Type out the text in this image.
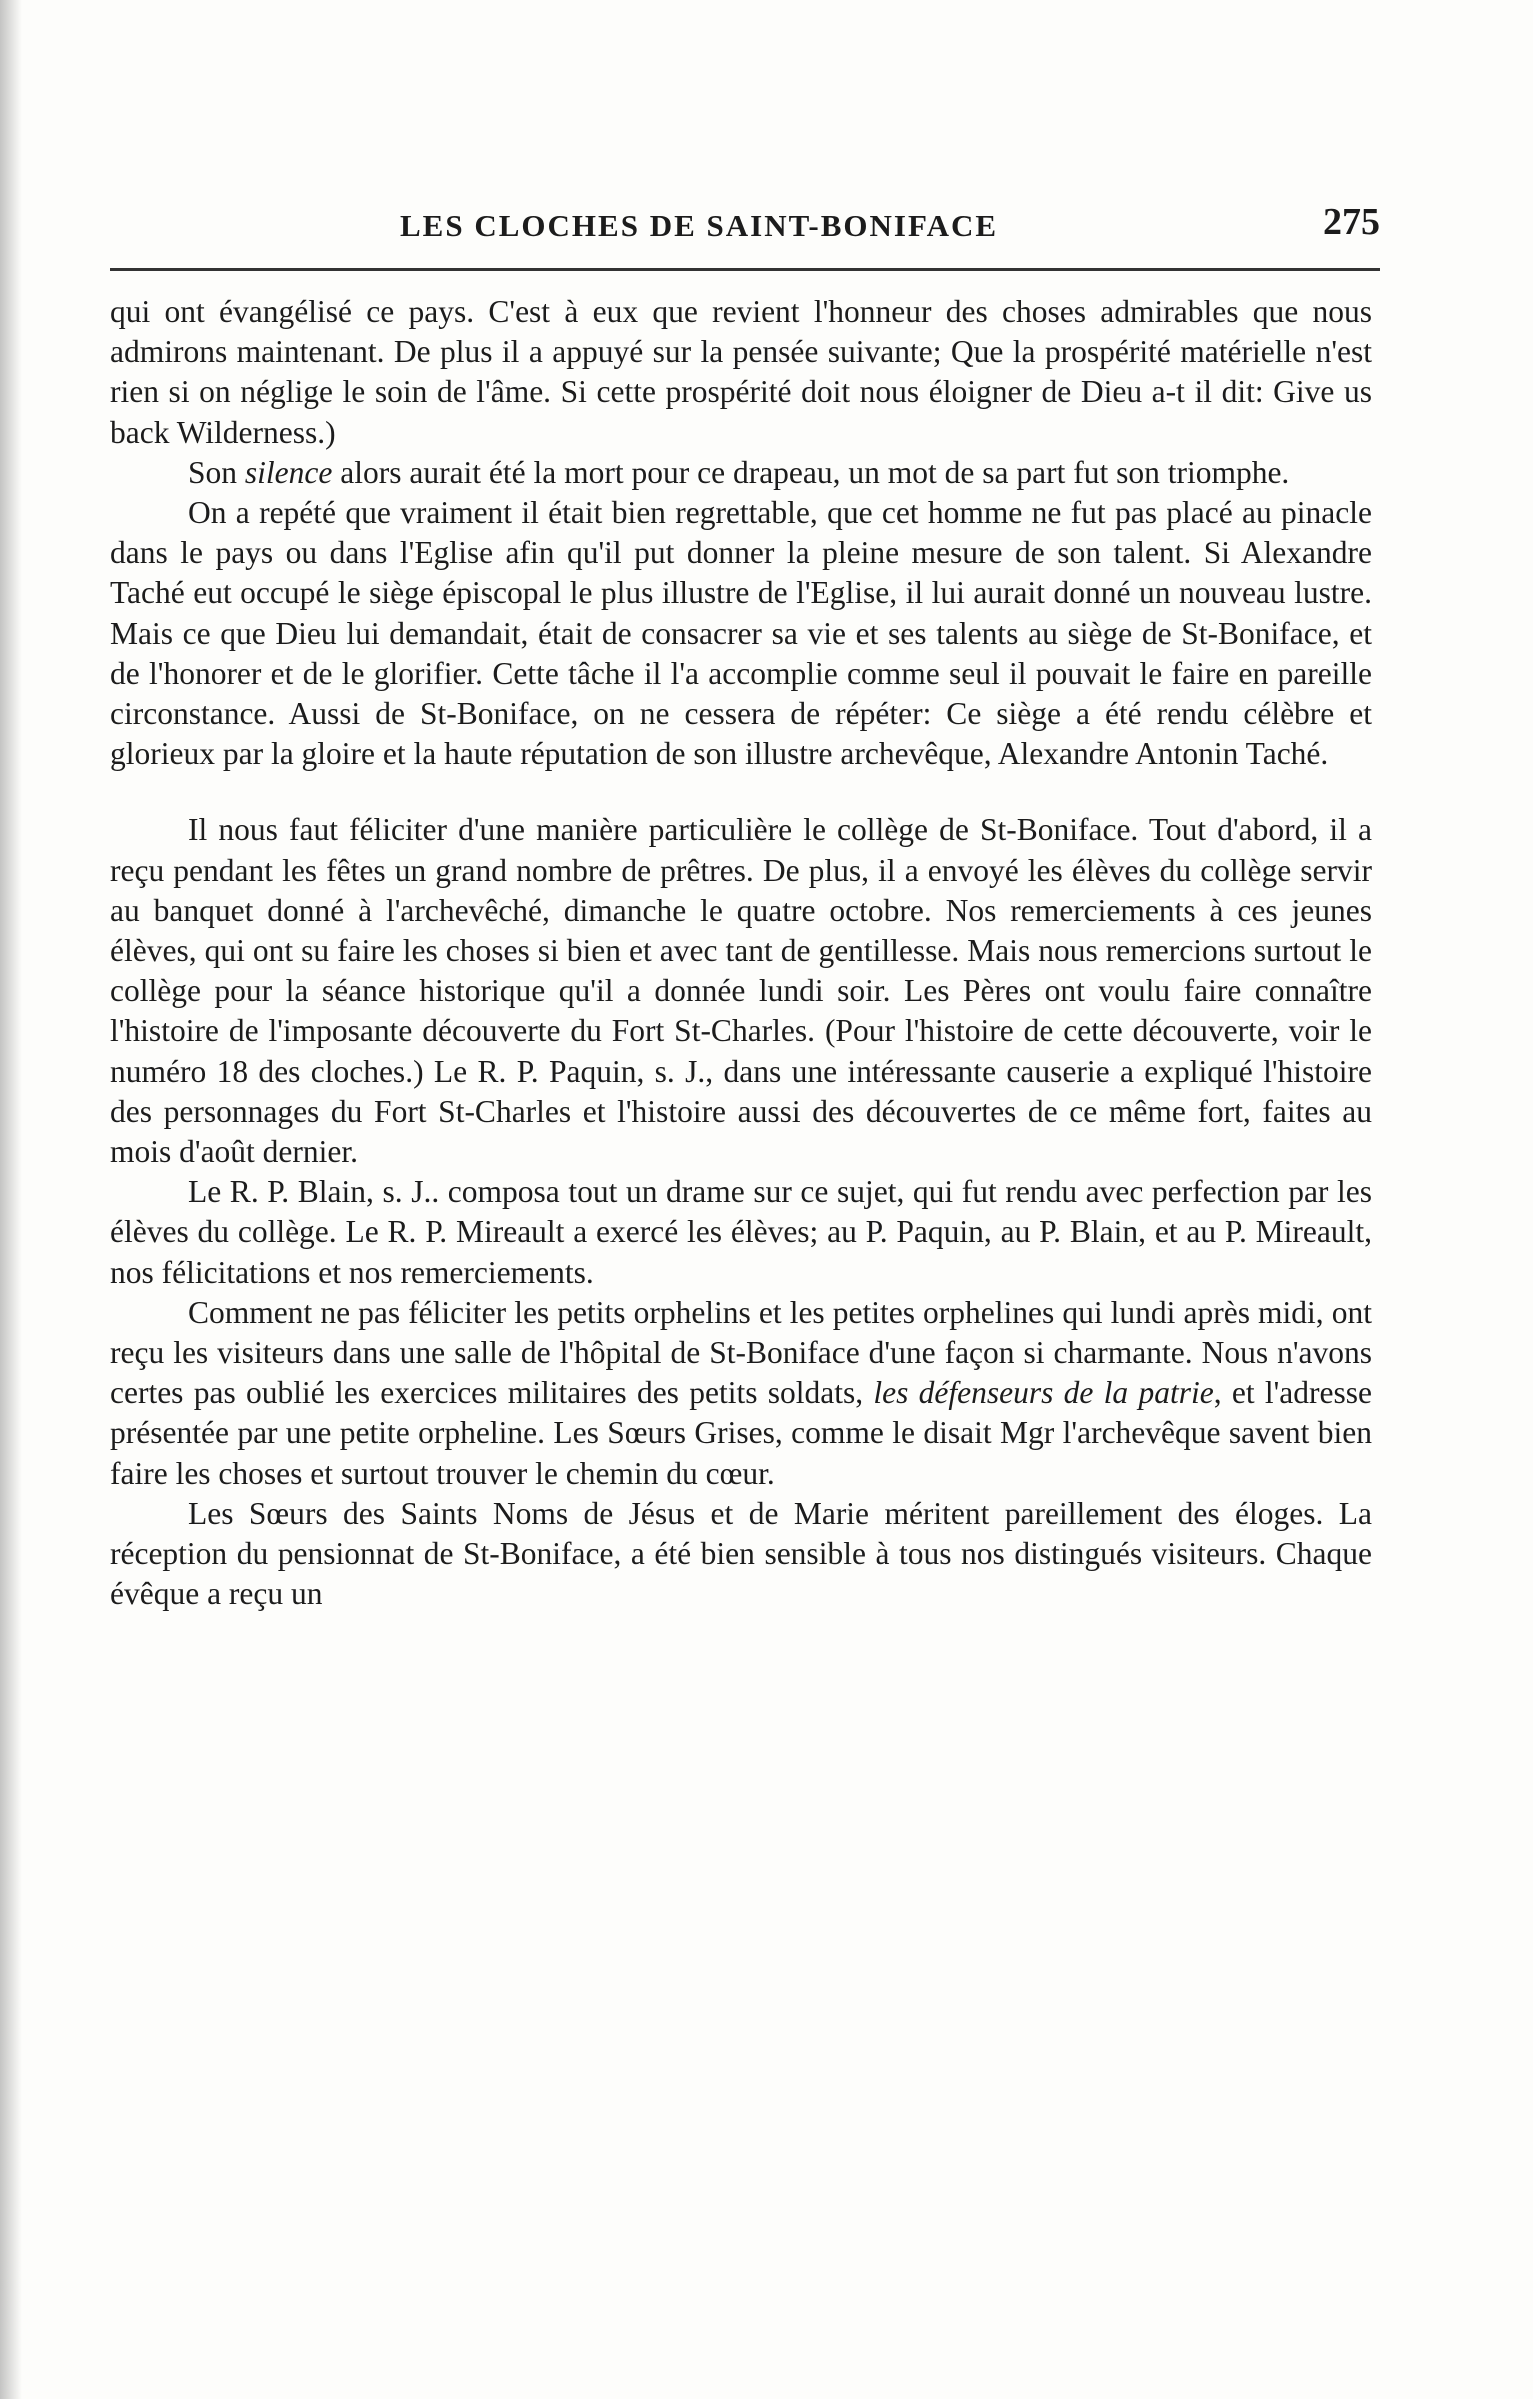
LES CLOCHES DE SAINT-BONIFACE	275

qui ont évangélisé ce pays. C'est à eux que revient l'honneur des choses admirables que nous admirons maintenant. De plus il a appuyé sur la pensée suivante; Que la prospérité matérielle n'est rien si on néglige le soin de l'âme. Si cette prospérité doit nous éloigner de Dieu a-t il dit: Give us back Wilderness.)

Son silence alors aurait été la mort pour ce drapeau, un mot de sa part fut son triomphe.

On a repété que vraiment il était bien regrettable, que cet homme ne fut pas placé au pinacle dans le pays ou dans l'Eglise afin qu'il put donner la pleine mesure de son talent. Si Alexandre Taché eut occupé le siège épiscopal le plus illustre de l'Eglise, il lui aurait donné un nouveau lustre. Mais ce que Dieu lui demandait, était de consacrer sa vie et ses talents au siège de St-Boniface, et de l'honorer et de le glorifier. Cette tâche il l'a accomplie comme seul il pouvait le faire en pareille circonstance. Aussi de St-Boniface, on ne cessera de répéter: Ce siège a été rendu célèbre et glorieux par la gloire et la haute réputation de son illustre archevêque, Alexandre Antonin Taché.

Il nous faut féliciter d'une manière particulière le collège de St-Boniface. Tout d'abord, il a reçu pendant les fêtes un grand nombre de prêtres. De plus, il a envoyé les élèves du collège servir au banquet donné à l'archevêché, dimanche le quatre octobre. Nos remerciements à ces jeunes élèves, qui ont su faire les choses si bien et avec tant de gentillesse. Mais nous remercions surtout le collège pour la séance historique qu'il a donnée lundi soir. Les Pères ont voulu faire connaître l'histoire de l'imposante découverte du Fort St-Charles. (Pour l'histoire de cette découverte, voir le numéro 18 des cloches.) Le R. P. Paquin, s. J., dans une intéressante causerie a expliqué l'histoire des personnages du Fort St-Charles et l'histoire aussi des découvertes de ce même fort, faites au mois d'août dernier.

Le R. P. Blain, s. J.. composa tout un drame sur ce sujet, qui fut rendu avec perfection par les élèves du collège. Le R. P. Mireault a exercé les élèves; au P. Paquin, au P. Blain, et au P. Mireault, nos félicitations et nos remerciements.

Comment ne pas féliciter les petits orphelins et les petites orphelines qui lundi après midi, ont reçu les visiteurs dans une salle de l'hôpital de St-Boniface d'une façon si charmante. Nous n'avons certes pas oublié les exercices militaires des petits soldats, les défenseurs de la patrie, et l'adresse présentée par une petite orpheline. Les Sœurs Grises, comme le disait Mgr l'archevêque savent bien faire les choses et surtout trouver le chemin du cœur.

Les Sœurs des Saints Noms de Jésus et de Marie méritent pareillement des éloges. La réception du pensionnat de St-Boniface, a été bien sensible à tous nos distingués visiteurs. Chaque évêque a reçu un
